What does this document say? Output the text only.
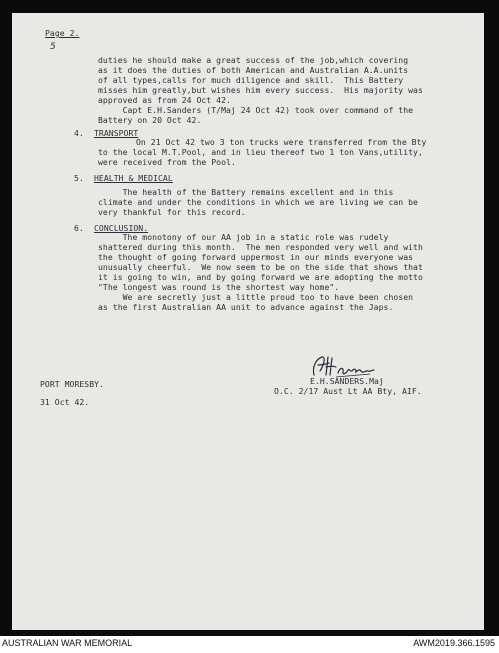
Page 2.
5
duties he should make a great success of the job,which covering
as it does the duties of both American and Australian A.A.units
of all types,calls for much diligence and skill.  This Battery
misses him greatly,but wishes him every success.  His majority was
approved as from 24 Oct 42.
Capt E.H.Sanders (T/Maj 24 Oct 42) took over command of the
Battery on 20 Oct 42.
4. TRANSPORT
On 21 Oct 42 two 3 ton trucks were transferred from the Bty
to the local M.T.Pool, and in lieu thereof two 1 ton Vans,utility,
were received from the Pool.
5. HEALTH & MEDICAL
The health of the Battery remains excellent and in this
climate and under the conditions in which we are living we can be
very thankful for this record.
6. CONCLUSION.
The monotony of our AA job in a static role was rudely
shattered during this month.  The men responded very well and with
the thought of going forward uppermost in our minds everyone was
unusually cheerful.  We now seem to be on the side that shows that
it is going to win, and by going forward we are adopting the motto
"The longest was round is the shortest way home".
We are secretly just a little proud too to have been chosen
as the first Australian AA unit to advance against the Japs.
E.H.SANDERS.Maj
O.C. 2/17 Aust Lt AA Bty, AIF.
PORT MORESBY.
31 Oct 42.
AUSTRALIAN WAR MEMORIAL	AWM2019.366.1595
